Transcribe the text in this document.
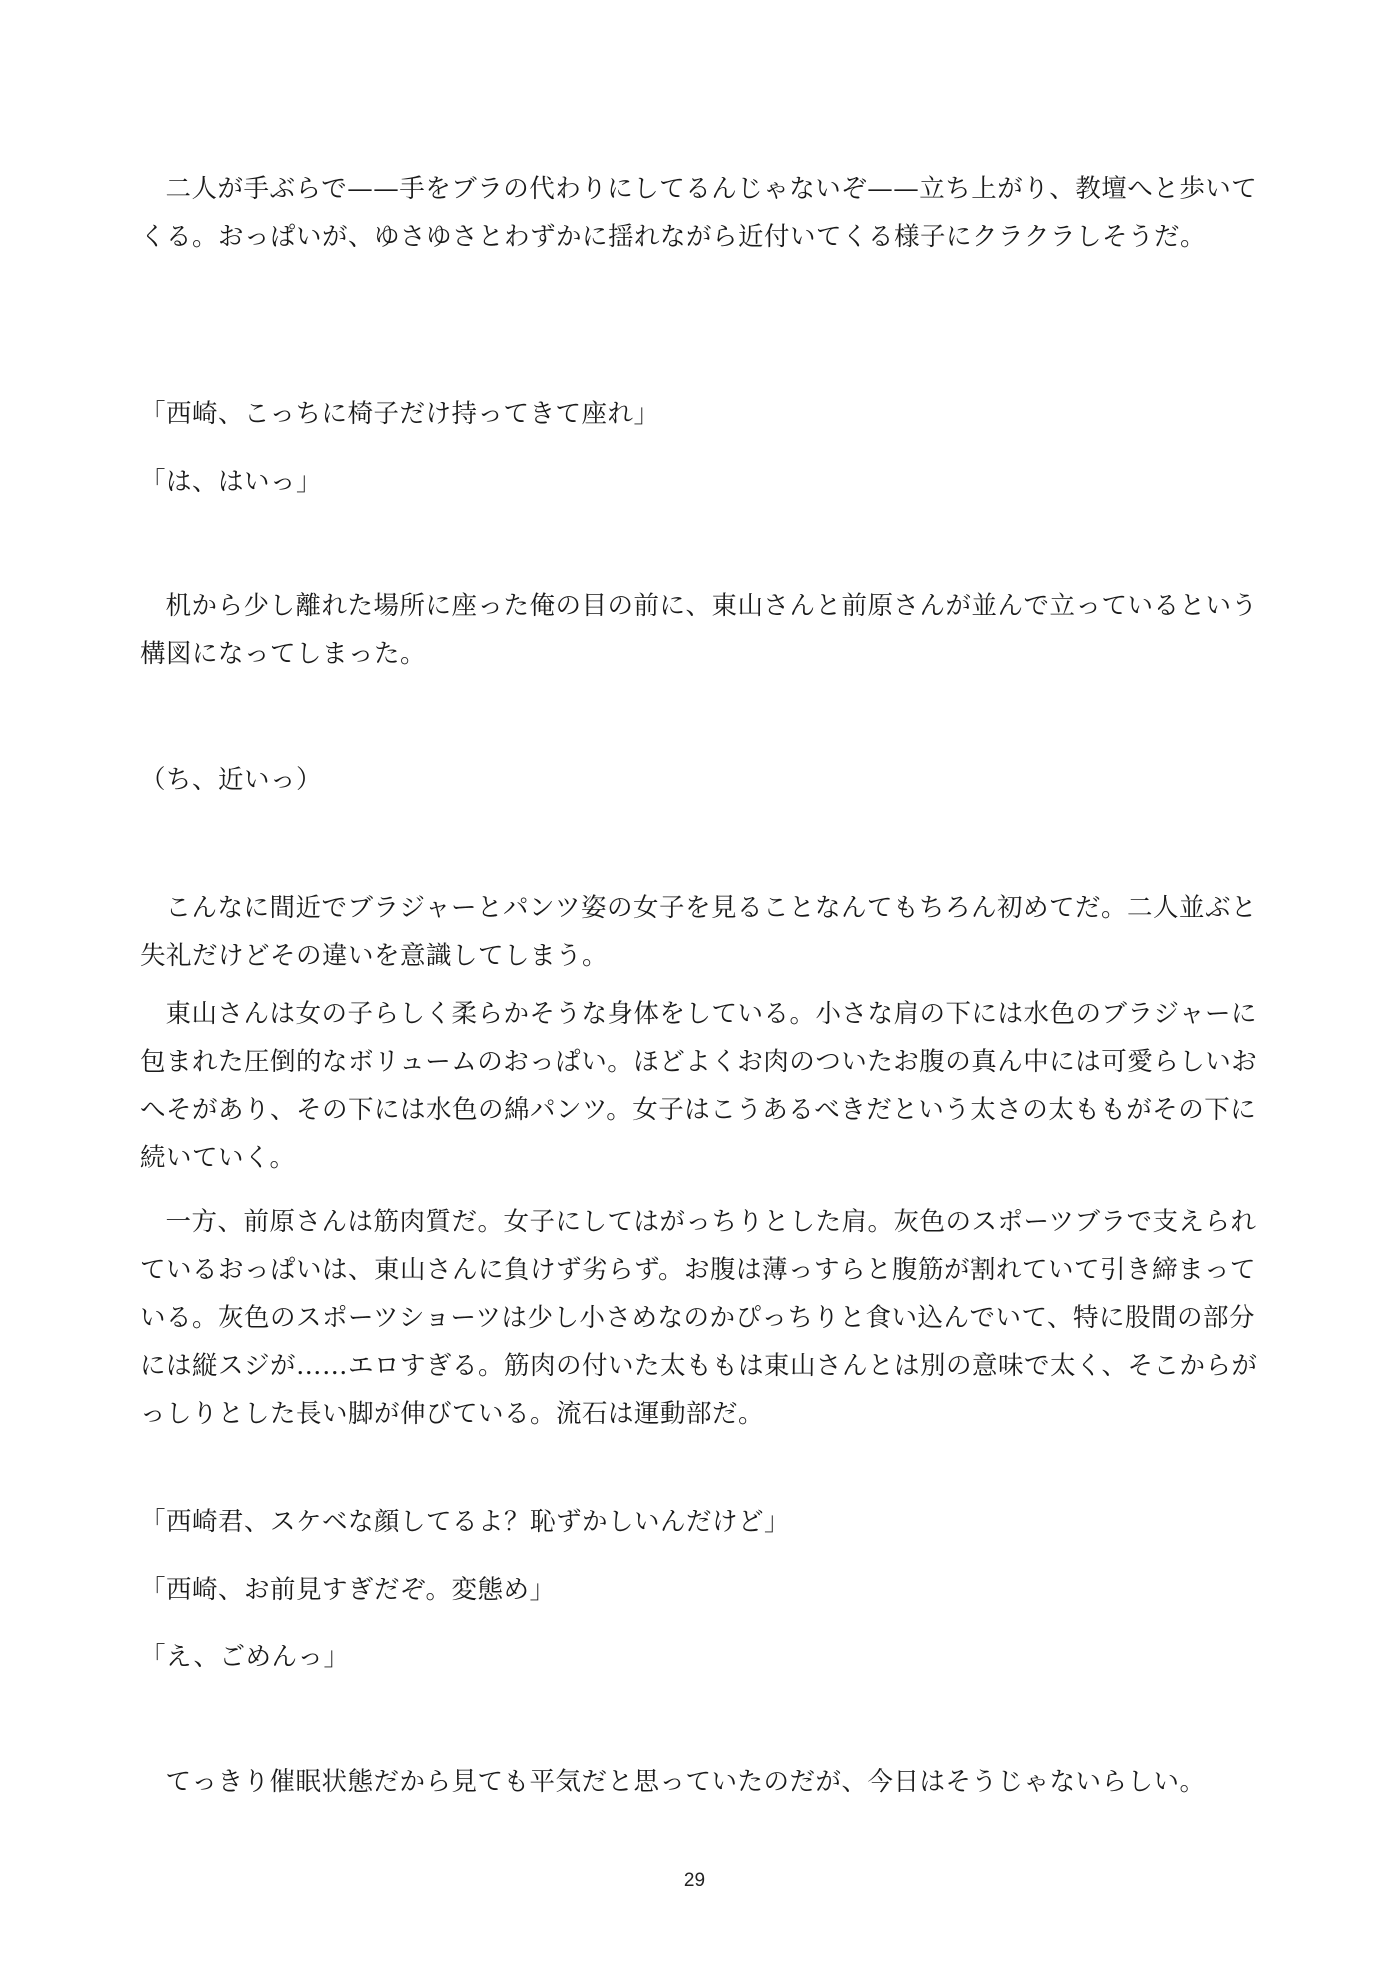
二人が手ぶらで——手をブラの代わりにしてるんじゃないぞ——立ち上がり、教壇へと歩いてくる。おっぱいが、ゆさゆさとわずかに揺れながら近付いてくる様子にクラクラしそうだ。

「西崎、こっちに椅子だけ持ってきて座れ」

「は、はいっ」

机から少し離れた場所に座った俺の目の前に、東山さんと前原さんが並んで立っているという構図になってしまった。

（ち、近いっ）

こんなに間近でブラジャーとパンツ姿の女子を見ることなんてもちろん初めてだ。二人並ぶと失礼だけどその違いを意識してしまう。

東山さんは女の子らしく柔らかそうな身体をしている。小さな肩の下には水色のブラジャーに包まれた圧倒的なボリュームのおっぱい。ほどよくお肉のついたお腹の真ん中には可愛らしいおへそがあり、その下には水色の綿パンツ。女子はこうあるべきだという太さの太ももがその下に続いていく。

一方、前原さんは筋肉質だ。女子にしてはがっちりとした肩。灰色のスポーツブラで支えられているおっぱいは、東山さんに負けず劣らず。お腹は薄っすらと腹筋が割れていて引き締まっている。灰色のスポーツショーツは少し小さめなのかぴっちりと食い込んでいて、特に股間の部分には縦スジが……エロすぎる。筋肉の付いた太ももは東山さんとは別の意味で太く、そこからがっしりとした長い脚が伸びている。流石は運動部だ。

「西崎君、スケベな顔してるよ？恥ずかしいんだけど」

「西崎、お前見すぎだぞ。変態め」

「え、ごめんっ」

てっきり催眠状態だから見ても平気だと思っていたのだが、今日はそうじゃないらしい。

29
